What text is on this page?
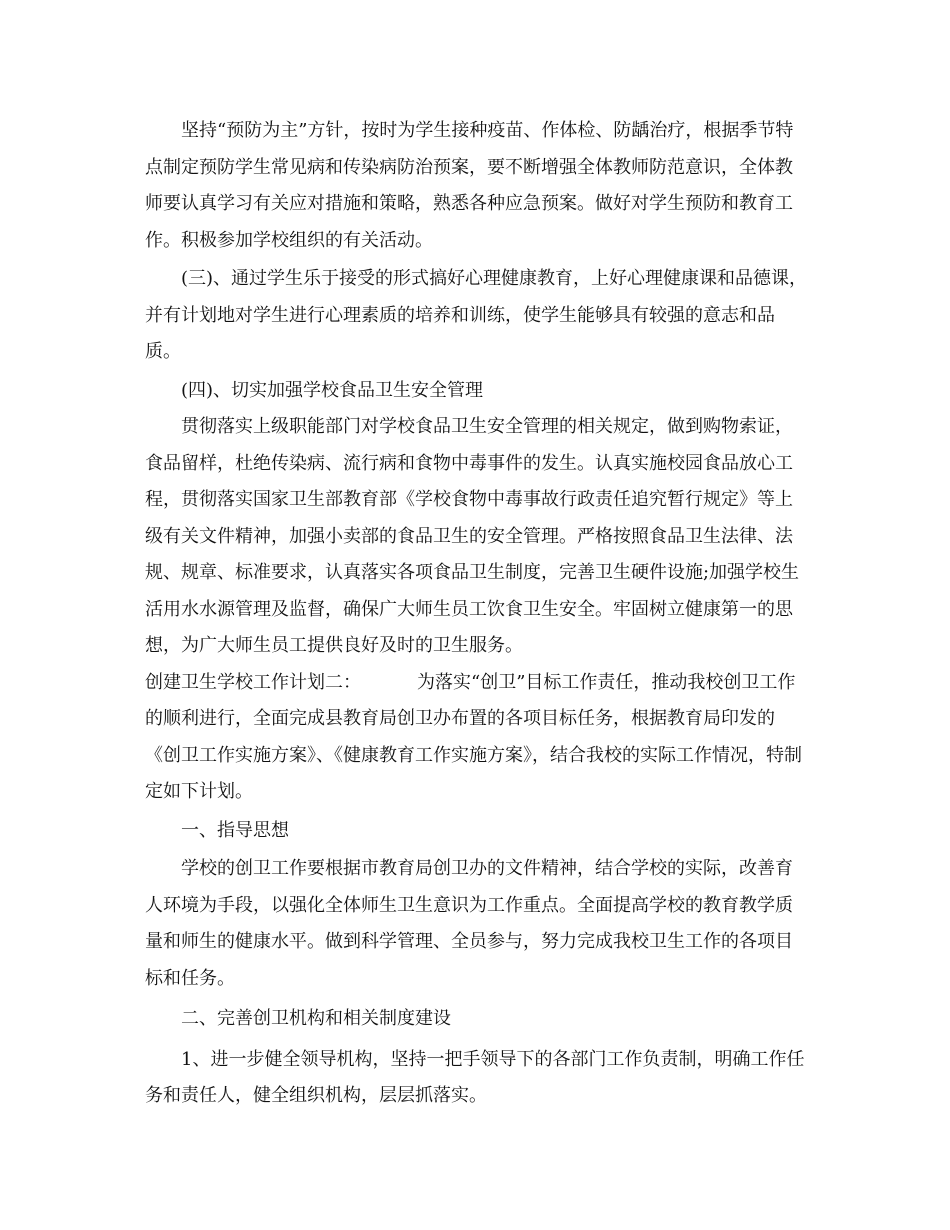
坚持“预防为主”方针，按时为学生接种疫苗、作体检、防龋治疗，根据季节特点制定预防学生常见病和传染病防治预案，要不断增强全体教师防范意识，全体教师要认真学习有关应对措施和策略，熟悉各种应急预案。做好对学生预防和教育工作。积极参加学校组织的有关活动。

(三)、通过学生乐于接受的形式搞好心理健康教育，上好心理健康课和品德课，并有计划地对学生进行心理素质的培养和训练，使学生能够具有较强的意志和品质。

(四)、切实加强学校食品卫生安全管理

贯彻落实上级职能部门对学校食品卫生安全管理的相关规定，做到购物索证，食品留样，杜绝传染病、流行病和食物中毒事件的发生。认真实施校园食品放心工程，贯彻落实国家卫生部教育部《学校食物中毒事故行政责任追究暂行规定》等上级有关文件精神，加强小卖部的食品卫生的安全管理。严格按照食品卫生法律、法规、规章、标准要求，认真落实各项食品卫生制度，完善卫生硬件设施;加强学校生活用水水源管理及监督，确保广大师生员工饮食卫生安全。牢固树立健康第一的思想，为广大师生员工提供良好及时的卫生服务。

创建卫生学校工作计划二：	为落实“创卫”目标工作责任，推动我校创卫工作的顺利进行，全面完成县教育局创卫办布置的各项目标任务，根据教育局印发的《创卫工作实施方案》、《健康教育工作实施方案》，结合我校的实际工作情况，特制定如下计划。

一、指导思想

学校的创卫工作要根据市教育局创卫办的文件精神，结合学校的实际，改善育人环境为手段，以强化全体师生卫生意识为工作重点。全面提高学校的教育教学质量和师生的健康水平。做到科学管理、全员参与，努力完成我校卫生工作的各项目标和任务。

二、完善创卫机构和相关制度建设

1、进一步健全领导机构，坚持一把手领导下的各部门工作负责制，明确工作任务和责任人，健全组织机构，层层抓落实。
